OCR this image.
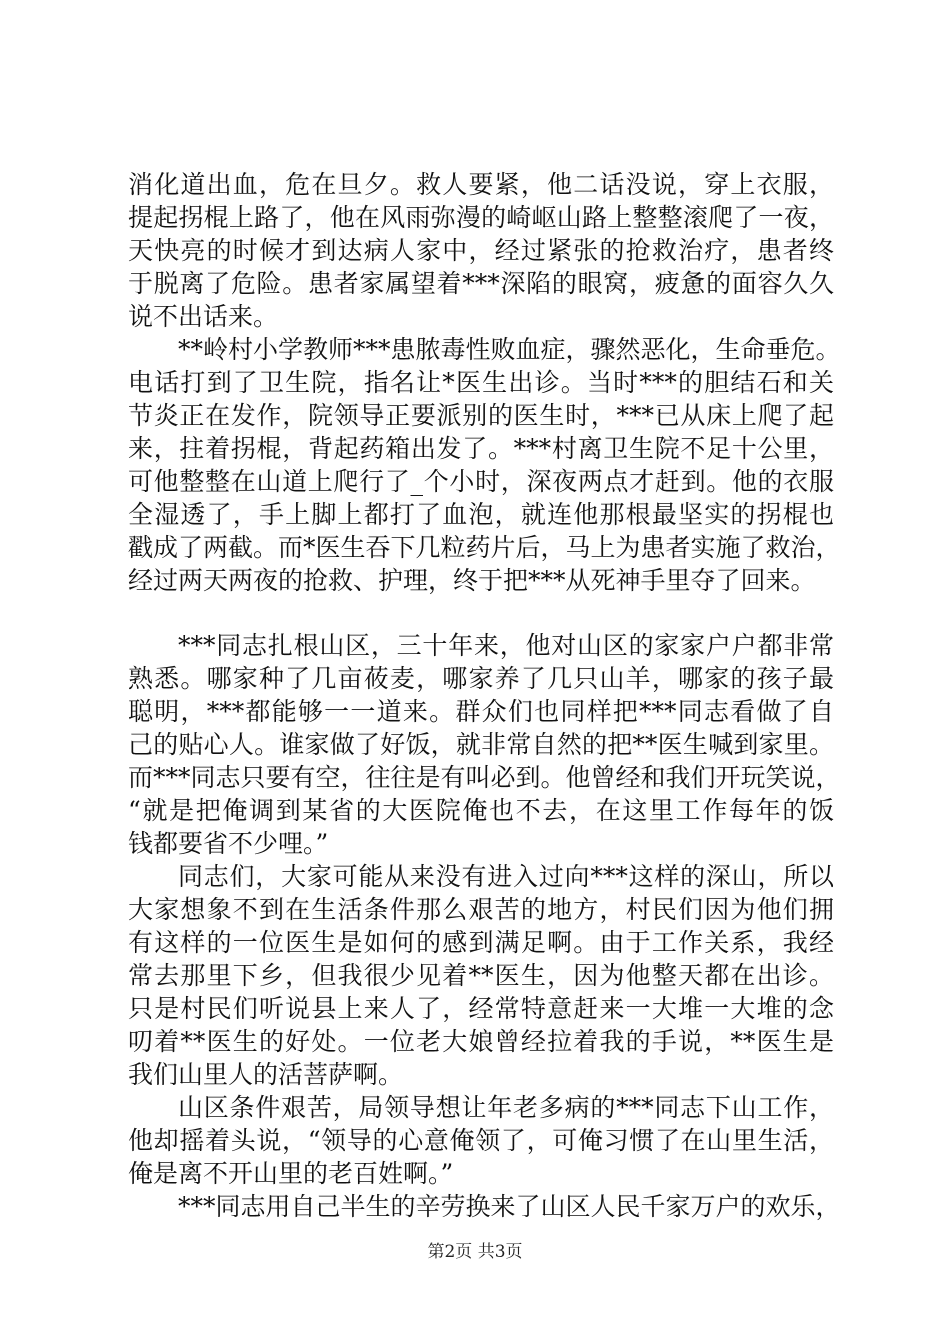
消化道出血，危在旦夕。救人要紧，他二话没说，穿上衣服，
提起拐棍上路了，他在风雨弥漫的崎岖山路上整整滚爬了一夜，
天快亮的时候才到达病人家中，经过紧张的抢救治疗，患者终
于脱离了危险。患者家属望着***深陷的眼窝，疲惫的面容久久
说不出话来。
**岭村小学教师***患脓毒性败血症，骤然恶化，生命垂危。
电话打到了卫生院，指名让*医生出诊。当时***的胆结石和关
节炎正在发作，院领导正要派别的医生时，***已从床上爬了起
来，拄着拐棍，背起药箱出发了。***村离卫生院不足十公里，
可他整整在山道上爬行了_个小时，深夜两点才赶到。他的衣服
全湿透了，手上脚上都打了血泡，就连他那根最坚实的拐棍也
戳成了两截。而*医生吞下几粒药片后，马上为患者实施了救治，
经过两天两夜的抢救、护理，终于把***从死神手里夺了回来。
***同志扎根山区，三十年来，他对山区的家家户户都非常
熟悉。哪家种了几亩莜麦，哪家养了几只山羊，哪家的孩子最
聪明，***都能够一一道来。群众们也同样把***同志看做了自
己的贴心人。谁家做了好饭，就非常自然的把**医生喊到家里。
而***同志只要有空，往往是有叫必到。他曾经和我们开玩笑说，
“就是把俺调到某省的大医院俺也不去，在这里工作每年的饭
钱都要省不少哩。”
同志们，大家可能从来没有进入过向***这样的深山，所以
大家想象不到在生活条件那么艰苦的地方，村民们因为他们拥
有这样的一位医生是如何的感到满足啊。由于工作关系，我经
常去那里下乡，但我很少见着**医生，因为他整天都在出诊。
只是村民们听说县上来人了，经常特意赶来一大堆一大堆的念
叨着**医生的好处。一位老大娘曾经拉着我的手说，**医生是
我们山里人的活菩萨啊。
山区条件艰苦，局领导想让年老多病的***同志下山工作，
他却摇着头说，“领导的心意俺领了，可俺习惯了在山里生活，
俺是离不开山里的老百姓啊。”
***同志用自己半生的辛劳换来了山区人民千家万户的欢乐，
第2页 共3页
